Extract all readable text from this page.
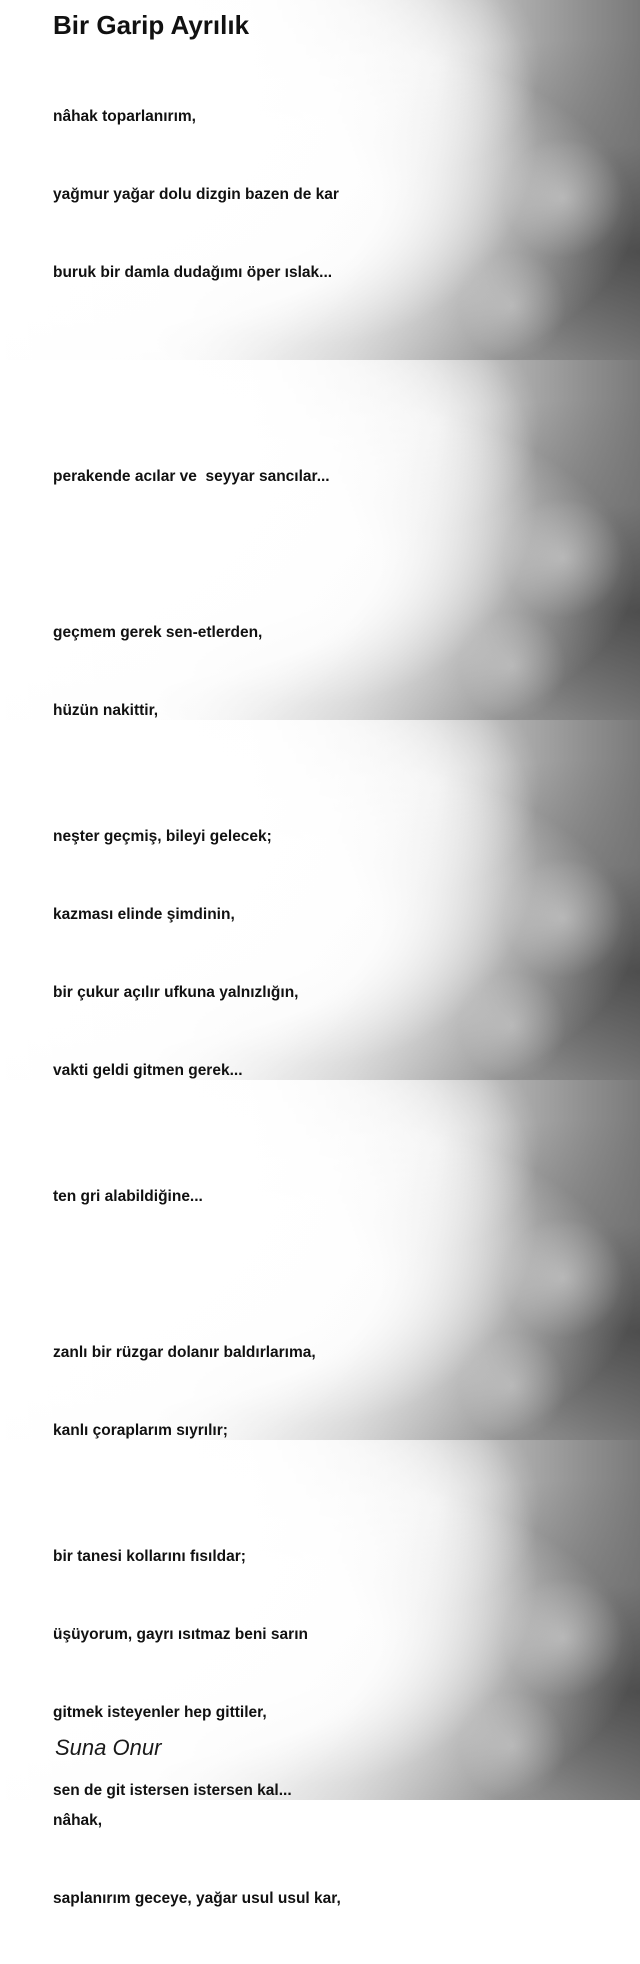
Bir Garip Ayrılık

nâhak toparlanırım,

yağmur yağar dolu dizgin bazen de kar

buruk bir damla dudağımı öper ıslak...

perakende acılar ve  seyyar sancılar...

geçmem gerek sen-etlerden,

hüzün nakittir,

neşter geçmiş, bileyi gelecek;

kazması elinde şimdinin,

bir çukur açılır ufkuna yalnızlığın,

vakti geldi gitmen gerek...

ten gri alabildiğine...

zanlı bir rüzgar dolanır baldırlarıma,

kanlı çoraplarım sıyrılır;

nâhak,

saplanırım geceye, yağar usul usul kar,

bir tanesi kollarını fısıldar;

üşüyorum, gayrı ısıtmaz beni sarın

gitmek isteyenler hep gittiler,

sen de git istersen istersen kal...

Suna Onur
